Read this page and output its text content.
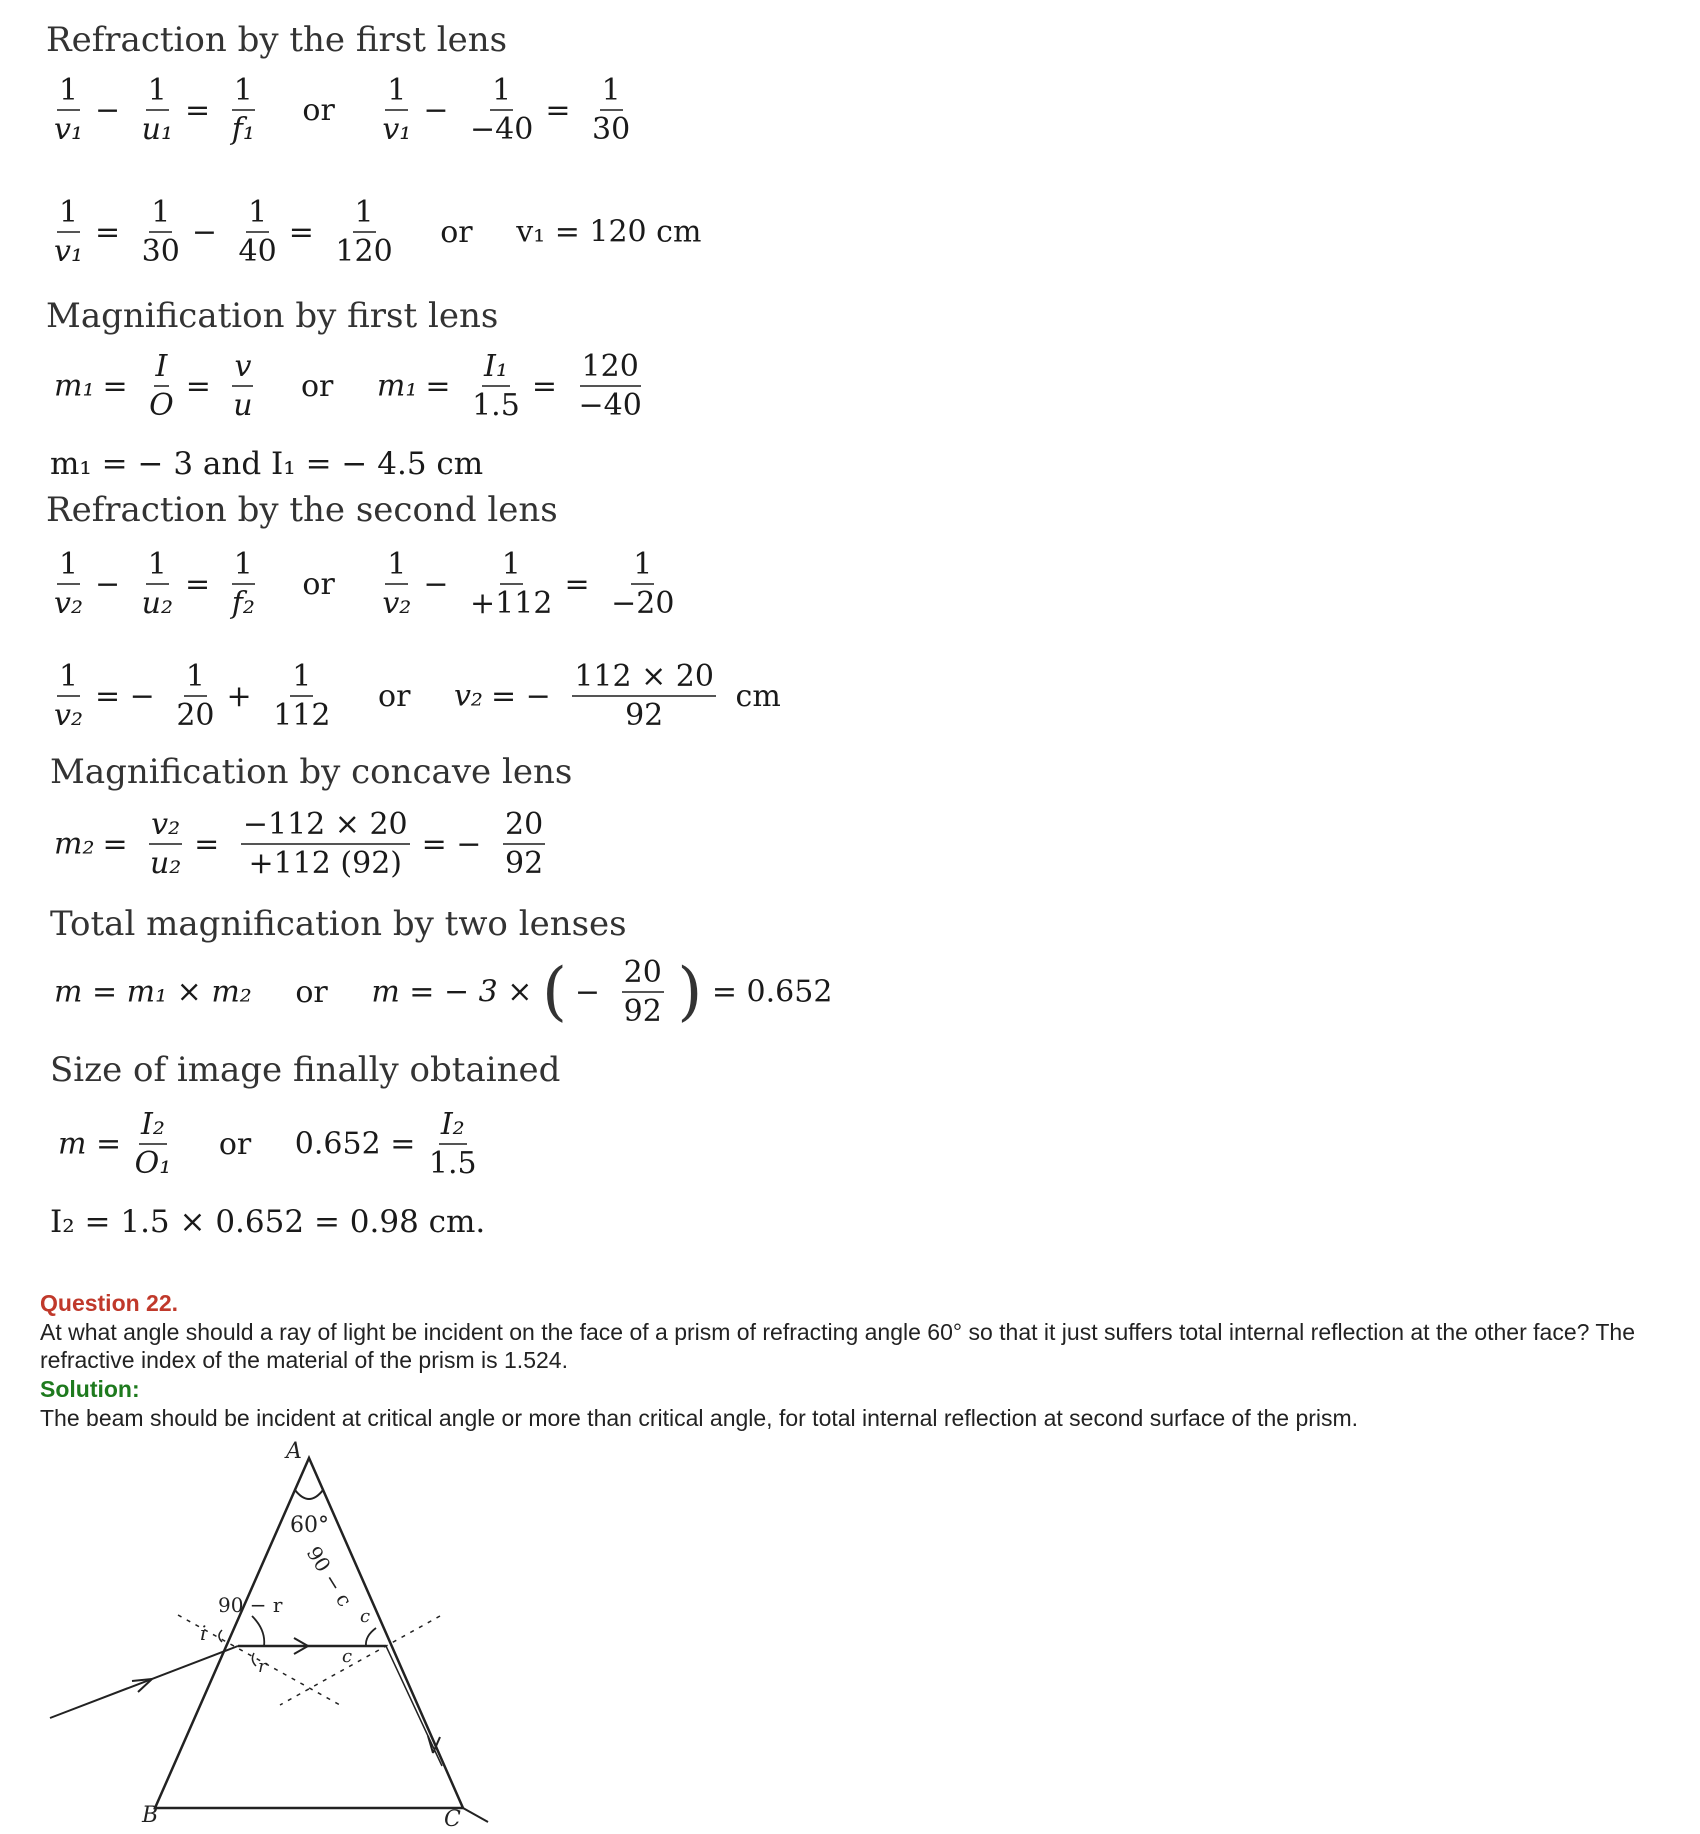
Refraction by the first lens
$\frac{1}{\text{v₁}} - \frac{1}{\text{u₁}} = \frac{1}{\text{f₁}}$ or $\frac{1}{\text{v₁}} - \frac{1}{-40} = \frac{1}{30}$
$\frac{1}{\text{v₁}} = \frac{1}{30} - \frac{1}{40} = \frac{1}{120}$ or v₁ = 120 cm
Magnification by first lens
$m_1 = \frac{I}{O} = \frac{v}{u}$ or $m_1 = \frac{\text{I₁}}{1.5} = \frac{120}{-40}$
m₁ = − 3 and I₁ = − 4.5 cm
Refraction by the second lens
$\frac{1}{\text{v₂}} - \frac{1}{\text{u₂}} = \frac{1}{\text{f₂}}$ or $\frac{1}{\text{v₂}} - \frac{1}{+112} = \frac{1}{-20}$
$\frac{1}{\text{v₂}}$ = − $\frac{1}{20} + \frac{1}{112}$ or v₂ = − $\frac{112 \times 20}{92}$ cm
Magnification by concave lens
$m_2 = \frac{\text{v₂}}{\text{u₂}} = \frac{-112 \times 20}{+112 (92)}$ = − $\frac{20}{92}$
Total magnification by two lenses
m = m₁ × m₂ or m = − 3 × ( − $\frac{20}{92}$ ) = 0.652
Size of image finally obtained
$m = \frac{\text{I₂}}{\text{O₁}}$ or $0.652 = \frac{\text{I₂}}{1.5}$
I₂ = 1.5 × 0.652 = 0.98 cm.
Question 22.
At what angle should a ray of light be incident on the face of a prism of refracting angle 60° so that it just suffers total internal reflection at the other face? The refractive index of the material of the prism is 1.524.
Solution:
The beam should be incident at critical angle or more than critical angle, for total internal reflection at second surface of the prism.
A
B	C
60°
90 − c
90 − r
i
r	c
c
